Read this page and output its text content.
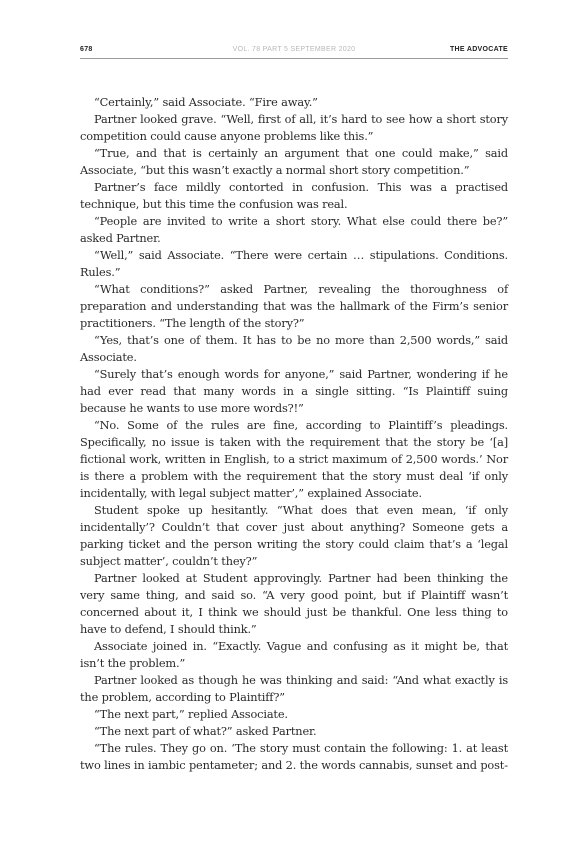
678	VOL. 78 PART 5 SEPTEMBER 2020	THE ADVOCATE

“Certainly,” said Associate. “Fire away.”

Partner looked grave. “Well, first of all, it’s hard to see how a short story competition could cause anyone problems like this.”

“True, and that is certainly an argument that one could make,” said Associate, “but this wasn’t exactly a normal short story competition.”

Partner’s face mildly contorted in confusion. This was a practised technique, but this time the confusion was real.

“People are invited to write a short story. What else could there be?” asked Partner.

“Well,” said Associate. “There were certain … stipulations. Conditions. Rules.”

“What conditions?” asked Partner, revealing the thoroughness of preparation and understanding that was the hallmark of the Firm’s senior practitioners. “The length of the story?”

“Yes, that’s one of them. It has to be no more than 2,500 words,” said Associate.

“Surely that’s enough words for anyone,” said Partner, wondering if he had ever read that many words in a single sitting. “Is Plaintiff suing because he wants to use more words?!”

“No. Some of the rules are fine, according to Plaintiff’s pleadings. Specifically, no issue is taken with the requirement that the story be ‘[a] fictional work, written in English, to a strict maximum of 2,500 words.’ Nor is there a problem with the requirement that the story must deal ‘if only incidentally, with legal subject matter’,” explained Associate.

Student spoke up hesitantly. “What does that even mean, ‘if only incidentally’? Couldn’t that cover just about anything? Someone gets a parking ticket and the person writing the story could claim that’s a ‘legal subject matter’, couldn’t they?”

Partner looked at Student approvingly. Partner had been thinking the very same thing, and said so. “A very good point, but if Plaintiff wasn’t concerned about it, I think we should just be thankful. One less thing to have to defend, I should think.”

Associate joined in. “Exactly. Vague and confusing as it might be, that isn’t the problem.”

Partner looked as though he was thinking and said: “And what exactly is the problem, according to Plaintiff?”

“The next part,” replied Associate.

“The next part of what?” asked Partner.

“The rules. They go on. ‘The story must contain the following: 1. at least two lines in iambic pentameter; and 2. the words cannabis, sunset and post-
